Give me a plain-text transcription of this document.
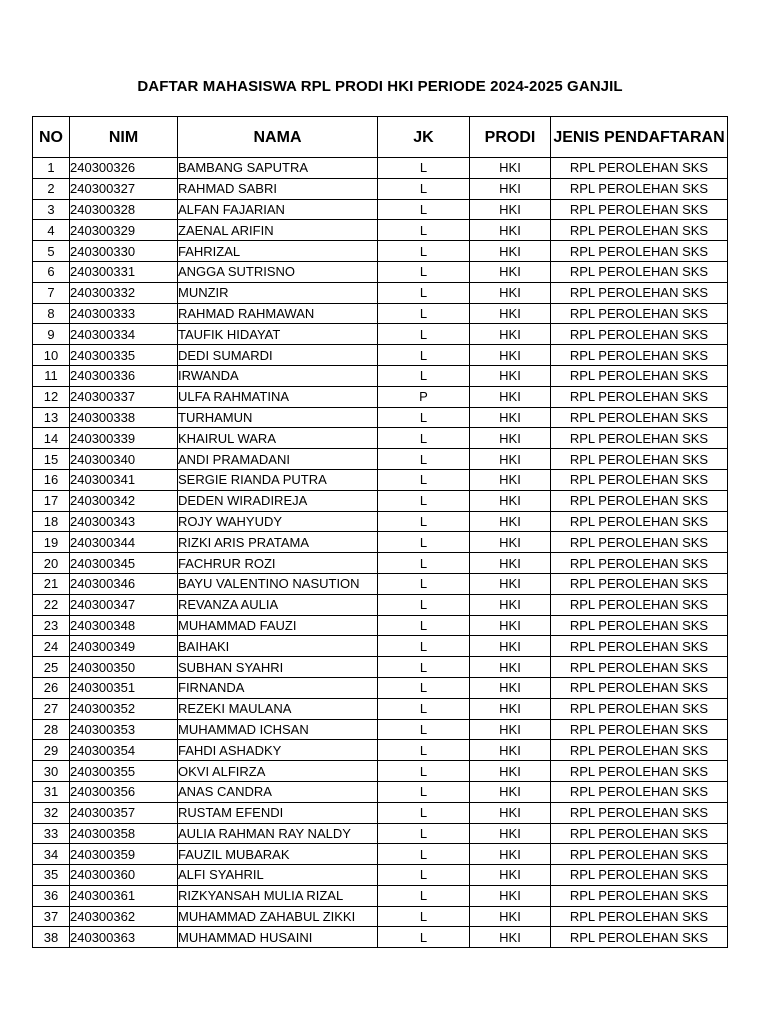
DAFTAR MAHASISWA RPL PRODI HKI PERIODE 2024-2025 GANJIL
NO	NIM	NAMA	JK	PRODI	JENIS PENDAFTARAN
1	240300326	BAMBANG SAPUTRA	L	HKI	RPL PEROLEHAN SKS
2	240300327	RAHMAD SABRI	L	HKI	RPL PEROLEHAN SKS
3	240300328	ALFAN FAJARIAN	L	HKI	RPL PEROLEHAN SKS
4	240300329	ZAENAL ARIFIN	L	HKI	RPL PEROLEHAN SKS
5	240300330	FAHRIZAL	L	HKI	RPL PEROLEHAN SKS
6	240300331	ANGGA SUTRISNO	L	HKI	RPL PEROLEHAN SKS
7	240300332	MUNZIR	L	HKI	RPL PEROLEHAN SKS
8	240300333	RAHMAD RAHMAWAN	L	HKI	RPL PEROLEHAN SKS
9	240300334	TAUFIK HIDAYAT	L	HKI	RPL PEROLEHAN SKS
10	240300335	DEDI SUMARDI	L	HKI	RPL PEROLEHAN SKS
11	240300336	IRWANDA	L	HKI	RPL PEROLEHAN SKS
12	240300337	ULFA RAHMATINA	P	HKI	RPL PEROLEHAN SKS
13	240300338	TURHAMUN	L	HKI	RPL PEROLEHAN SKS
14	240300339	KHAIRUL WARA	L	HKI	RPL PEROLEHAN SKS
15	240300340	ANDI PRAMADANI	L	HKI	RPL PEROLEHAN SKS
16	240300341	SERGIE RIANDA PUTRA	L	HKI	RPL PEROLEHAN SKS
17	240300342	DEDEN WIRADIREJA	L	HKI	RPL PEROLEHAN SKS
18	240300343	ROJY WAHYUDY	L	HKI	RPL PEROLEHAN SKS
19	240300344	RIZKI ARIS PRATAMA	L	HKI	RPL PEROLEHAN SKS
20	240300345	FACHRUR ROZI	L	HKI	RPL PEROLEHAN SKS
21	240300346	BAYU VALENTINO NASUTION	L	HKI	RPL PEROLEHAN SKS
22	240300347	REVANZA AULIA	L	HKI	RPL PEROLEHAN SKS
23	240300348	MUHAMMAD FAUZI	L	HKI	RPL PEROLEHAN SKS
24	240300349	BAIHAKI	L	HKI	RPL PEROLEHAN SKS
25	240300350	SUBHAN SYAHRI	L	HKI	RPL PEROLEHAN SKS
26	240300351	FIRNANDA	L	HKI	RPL PEROLEHAN SKS
27	240300352	REZEKI MAULANA	L	HKI	RPL PEROLEHAN SKS
28	240300353	MUHAMMAD ICHSAN	L	HKI	RPL PEROLEHAN SKS
29	240300354	FAHDI ASHADKY	L	HKI	RPL PEROLEHAN SKS
30	240300355	OKVI ALFIRZA	L	HKI	RPL PEROLEHAN SKS
31	240300356	ANAS CANDRA	L	HKI	RPL PEROLEHAN SKS
32	240300357	RUSTAM EFENDI	L	HKI	RPL PEROLEHAN SKS
33	240300358	AULIA RAHMAN RAY NALDY	L	HKI	RPL PEROLEHAN SKS
34	240300359	FAUZIL MUBARAK	L	HKI	RPL PEROLEHAN SKS
35	240300360	ALFI SYAHRIL	L	HKI	RPL PEROLEHAN SKS
36	240300361	RIZKYANSAH MULIA RIZAL	L	HKI	RPL PEROLEHAN SKS
37	240300362	MUHAMMAD ZAHABUL ZIKKI	L	HKI	RPL PEROLEHAN SKS
38	240300363	MUHAMMAD HUSAINI	L	HKI	RPL PEROLEHAN SKS
